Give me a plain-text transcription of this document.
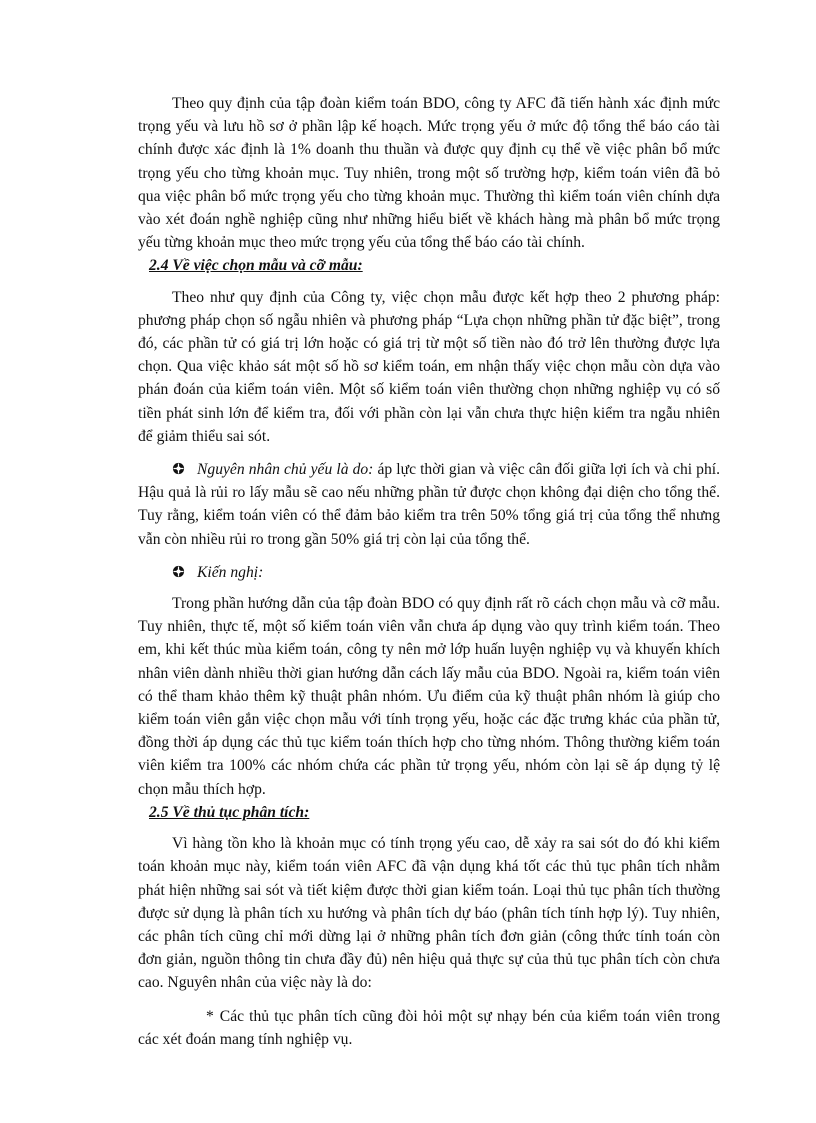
Theo quy định của tập đoàn kiểm toán BDO, công ty AFC đã tiến hành xác định mức trọng yếu và lưu hồ sơ ở phần lập kế hoạch. Mức trọng yếu ở mức độ tổng thể báo cáo tài chính được xác định là 1% doanh thu thuần và được quy định cụ thể về việc phân bổ mức trọng yếu cho từng khoản mục. Tuy nhiên, trong một số trường hợp, kiểm toán viên đã bỏ qua việc phân bổ mức trọng yếu cho từng khoản mục. Thường thì kiểm toán viên chính dựa vào xét đoán nghề nghiệp cũng như những hiểu biết về khách hàng mà phân bổ mức trọng yếu từng khoản mục theo mức trọng yếu của tổng thể báo cáo tài chính.

2.4 Về việc chọn mẫu và cỡ mẫu:

Theo như quy định của Công ty, việc chọn mẫu được kết hợp theo 2 phương pháp: phương pháp chọn số ngẫu nhiên và phương pháp “Lựa chọn những phần tử đặc biệt”, trong đó, các phần tử có giá trị lớn hoặc có giá trị từ một số tiền nào đó trở lên thường được lựa chọn. Qua việc khảo sát một số hồ sơ kiểm toán, em nhận thấy việc chọn mẫu còn dựa vào phán đoán của kiểm toán viên. Một số kiểm toán viên thường chọn những nghiệp vụ có số tiền phát sinh lớn để kiểm tra, đối với phần còn lại vẫn chưa thực hiện kiểm tra ngẫu nhiên để giảm thiểu sai sót.

Nguyên nhân chủ yếu là do: áp lực thời gian và việc cân đối giữa lợi ích và chi phí. Hậu quả là rủi ro lấy mẫu sẽ cao nếu những phần tử được chọn không đại diện cho tổng thể. Tuy rằng, kiểm toán viên có thể đảm bảo kiểm tra trên 50% tổng giá trị của tổng thể nhưng vẫn còn nhiều rủi ro trong gần 50% giá trị còn lại của tổng thể.

Kiến nghị:

Trong phần hướng dẫn của tập đoàn BDO có quy định rất rõ cách chọn mẫu và cỡ mẫu. Tuy nhiên, thực tế, một số kiểm toán viên vẫn chưa áp dụng vào quy trình kiểm toán. Theo em, khi kết thúc mùa kiểm toán, công ty nên mở lớp huấn luyện nghiệp vụ và khuyến khích nhân viên dành nhiều thời gian hướng dẫn cách lấy mẫu của BDO. Ngoài ra, kiểm toán viên có thể tham khảo thêm kỹ thuật phân nhóm. Ưu điểm của kỹ thuật phân nhóm là giúp cho kiểm toán viên gắn việc chọn mẫu với tính trọng yếu, hoặc các đặc trưng khác của phần tử, đồng thời áp dụng các thủ tục kiểm toán thích hợp cho từng nhóm. Thông thường kiểm toán viên kiểm tra 100% các nhóm chứa các phần tử trọng yếu, nhóm còn lại sẽ áp dụng tỷ lệ chọn mẫu thích hợp.

2.5 Về thủ tục phân tích:

Vì hàng tồn kho là khoản mục có tính trọng yếu cao, dễ xảy ra sai sót do đó khi kiểm toán khoản mục này, kiểm toán viên AFC đã vận dụng khá tốt các thủ tục phân tích nhằm phát hiện những sai sót và tiết kiệm được thời gian kiểm toán. Loại thủ tục phân tích thường được sử dụng là phân tích xu hướng và phân tích dự báo (phân tích tính hợp lý). Tuy nhiên, các phân tích cũng chỉ mới dừng lại ở những phân tích đơn giản (công thức tính toán còn đơn giản, nguồn thông tin chưa đầy đủ) nên hiệu quả thực sự của thủ tục phân tích còn chưa cao. Nguyên nhân của việc này là do:

* Các thủ tục phân tích cũng đòi hỏi một sự nhạy bén của kiểm toán viên trong các xét đoán mang tính nghiệp vụ.
